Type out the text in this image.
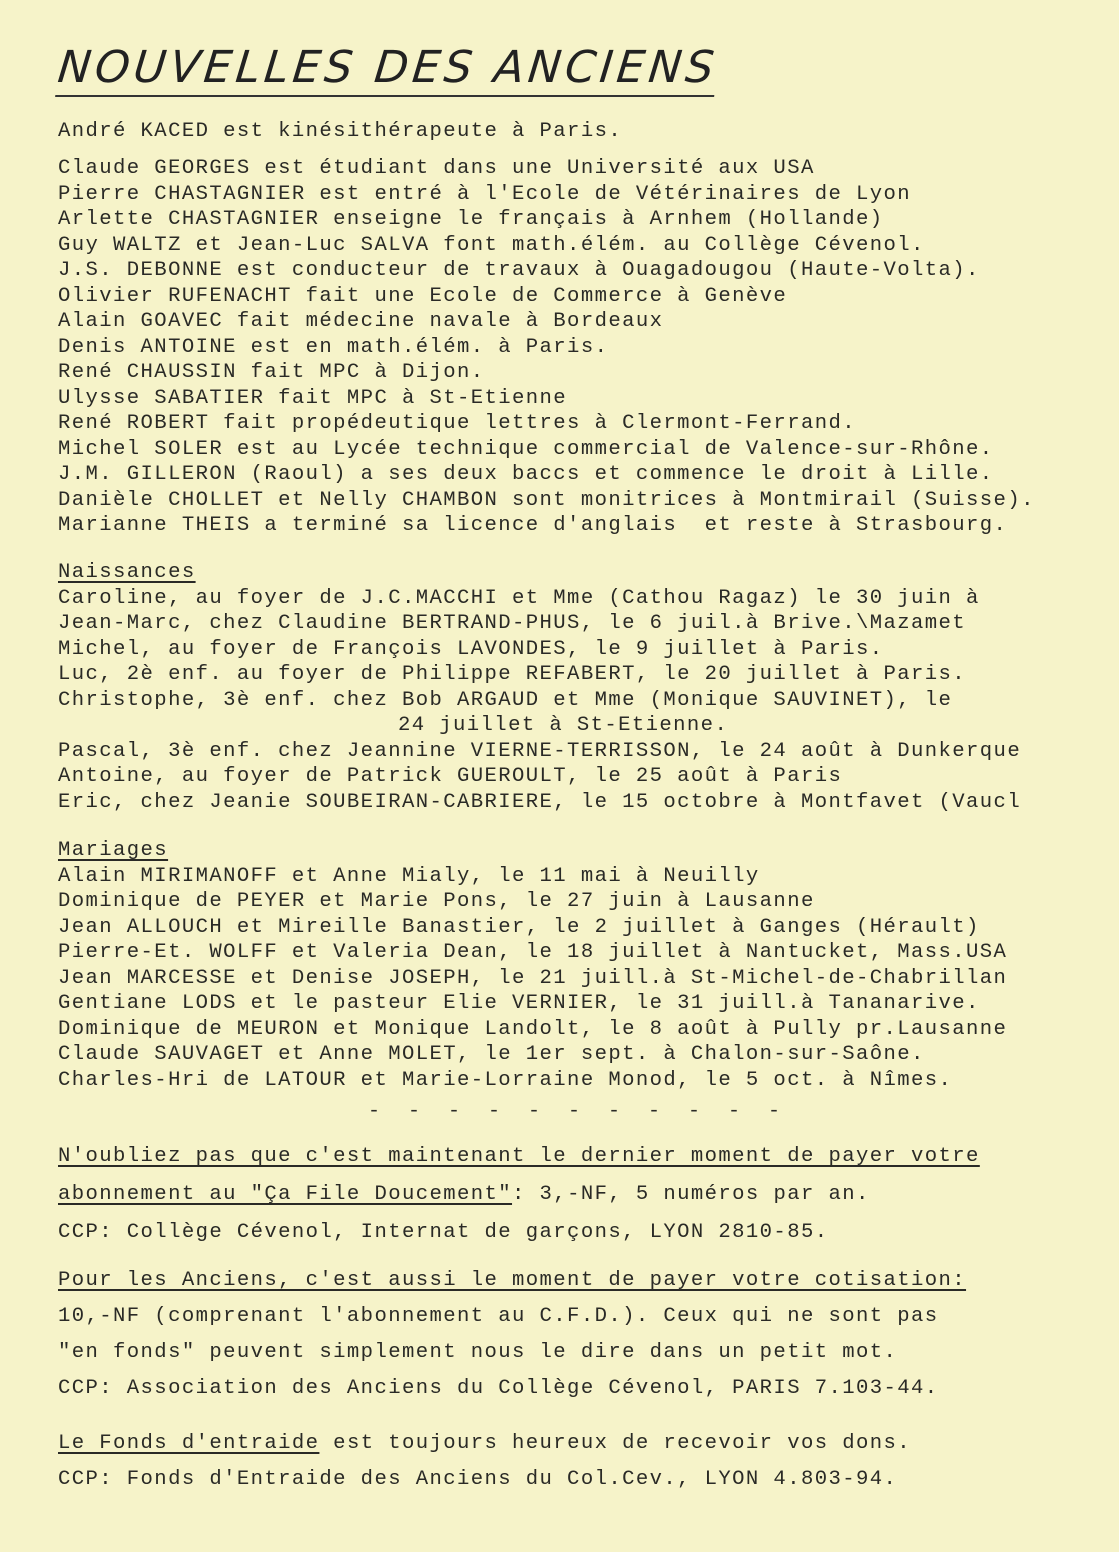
NOUVELLES DES ANCIENS
André KACED est kinésithérapeute à Paris.
Claude GEORGES est étudiant dans une Université aux USA
Pierre CHASTAGNIER est entré à l'Ecole de Vétérinaires de Lyon
Arlette CHASTAGNIER enseigne le français à Arnhem (Hollande)
Guy WALTZ et Jean-Luc SALVA font math.élém. au Collège Cévenol.
J.S. DEBONNE est conducteur de travaux à Ouagadougou (Haute-Volta).
Olivier RUFENACHT fait une Ecole de Commerce à Genève
Alain GOAVEC fait médecine navale à Bordeaux
Denis ANTOINE est en math.élém. à Paris.
René CHAUSSIN fait MPC à Dijon.
Ulysse SABATIER fait MPC à St-Etienne
René ROBERT fait propédeutique lettres à Clermont-Ferrand.
Michel SOLER est au Lycée technique commercial de Valence-sur-Rhône.
J.M. GILLERON (Raoul) a ses deux baccs et commence le droit à Lille.
Danièle CHOLLET et Nelly CHAMBON sont monitrices à Montmirail (Suisse).
Marianne THEIS a terminé sa licence d'anglais  et reste à Strasbourg.
Naissances
Caroline, au foyer de J.C.MACCHI et Mme (Cathou Ragaz) le 30 juin à
Jean-Marc, chez Claudine BERTRAND-PHUS, le 6 juil.à Brive.\Mazamet
Michel, au foyer de François LAVONDES, le 9 juillet à Paris.
Luc, 2è enf. au foyer de Philippe REFABERT, le 20 juillet à Paris.
Christophe, 3è enf. chez Bob ARGAUD et Mme (Monique SAUVINET), le
24 juillet à St-Etienne.
Pascal, 3è enf. chez Jeannine VIERNE-TERRISSON, le 24 août à Dunkerque
Antoine, au foyer de Patrick GUEROULT, le 25 août à Paris
Eric, chez Jeanie SOUBEIRAN-CABRIERE, le 15 octobre à Montfavet (Vaucl
Mariages
Alain MIRIMANOFF et Anne Mialy, le 11 mai à Neuilly
Dominique de PEYER et Marie Pons, le 27 juin à Lausanne
Jean ALLOUCH et Mireille Banastier, le 2 juillet à Ganges (Hérault)
Pierre-Et. WOLFF et Valeria Dean, le 18 juillet à Nantucket, Mass.USA
Jean MARCESSE et Denise JOSEPH, le 21 juill.à St-Michel-de-Chabrillan
Gentiane LODS et le pasteur Elie VERNIER, le 31 juill.à Tananarive.
Dominique de MEURON et Monique Landolt, le 8 août à Pully pr.Lausanne
Claude SAUVAGET et Anne MOLET, le 1er sept. à Chalon-sur-Saône.
Charles-Hri de LATOUR et Marie-Lorraine Monod, le 5 oct. à Nîmes.
- - - - - - - - - - -
N'oubliez pas que c'est maintenant le dernier moment de payer votre
abonnement au "Ça File Doucement": 3,-NF, 5 numéros par an.
CCP: Collège Cévenol, Internat de garçons, LYON 2810-85.
Pour les Anciens, c'est aussi le moment de payer votre cotisation:
10,-NF (comprenant l'abonnement au C.F.D.). Ceux qui ne sont pas
"en fonds" peuvent simplement nous le dire dans un petit mot.
CCP: Association des Anciens du Collège Cévenol, PARIS 7.103-44.
Le Fonds d'entraide est toujours heureux de recevoir vos dons.
CCP: Fonds d'Entraide des Anciens du Col.Cev., LYON 4.803-94.
